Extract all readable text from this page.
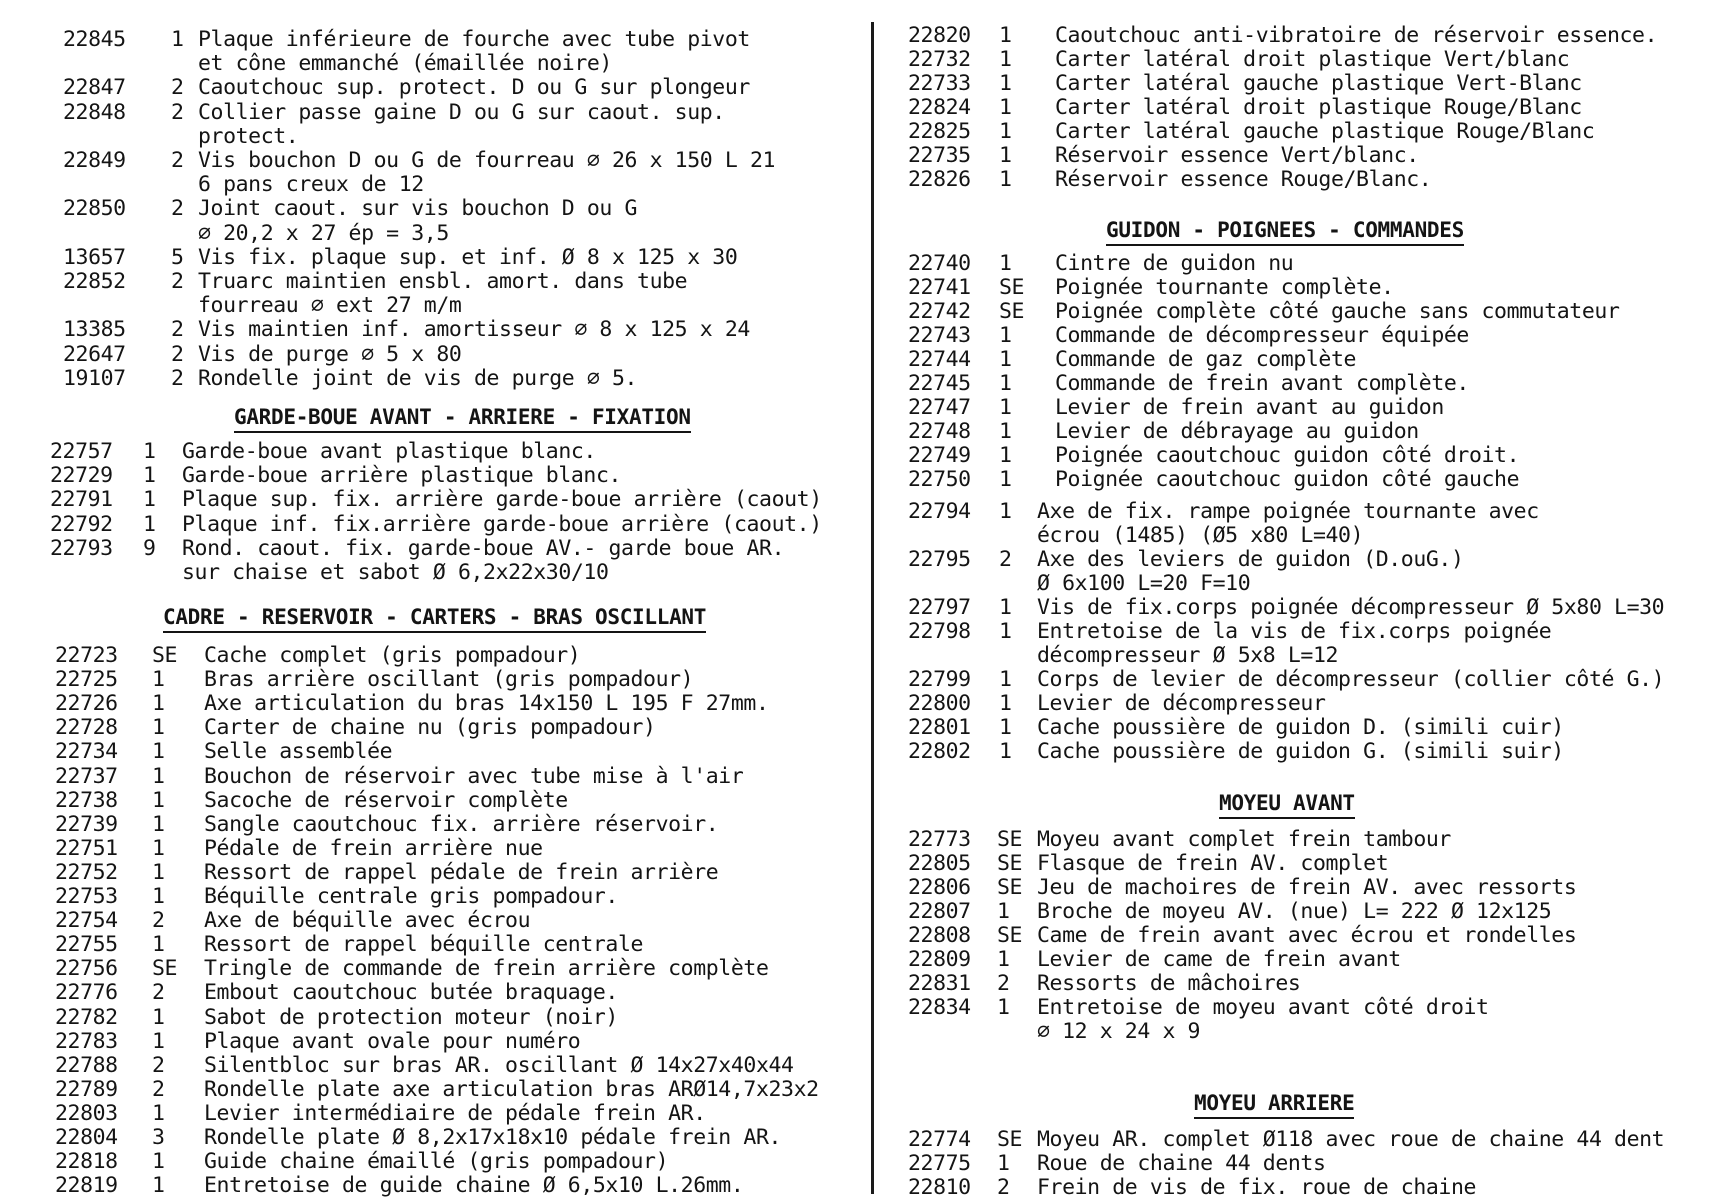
22845 1 Plaque inférieure de fourche avec tube pivot
et cône emmanché (émaillée noire)
22847 2 Caoutchouc sup. protect. D ou G sur plongeur
22848 2 Collier passe gaine D ou G sur caout. sup.
protect.
22849 2 Vis bouchon D ou G de fourreau ∅ 26 x 150 L 21
6 pans creux de 12
22850 2 Joint caout. sur vis bouchon D ou G
∅ 20,2 x 27 ép = 3,5
13657 5 Vis fix. plaque sup. et inf. Ø 8 x 125 x 30
22852 2 Truarc maintien ensbl. amort. dans tube
fourreau ∅ ext 27 m/m
13385 2 Vis maintien inf. amortisseur ∅ 8 x 125 x 24
22647 2 Vis de purge ∅ 5 x 80
19107 2 Rondelle joint de vis de purge ∅ 5.
GARDE-BOUE AVANT - ARRIERE - FIXATION
22757 1 Garde-boue avant plastique blanc.
22729 1 Garde-boue arrière plastique blanc.
22791 1 Plaque sup. fix. arrière garde-boue arrière (caout)
22792 1 Plaque inf. fix.arrière garde-boue arrière (caout.)
22793 9 Rond. caout. fix. garde-boue AV.- garde boue AR.
sur chaise et sabot Ø 6,2x22x30/10
CADRE - RESERVOIR - CARTERS - BRAS OSCILLANT
22723 SE Cache complet (gris pompadour)
22725 1 Bras arrière oscillant (gris pompadour)
22726 1 Axe articulation du bras 14x150 L 195 F 27mm.
22728 1 Carter de chaine nu (gris pompadour)
22734 1 Selle assemblée
22737 1 Bouchon de réservoir avec tube mise à l'air
22738 1 Sacoche de réservoir complète
22739 1 Sangle caoutchouc fix. arrière réservoir.
22751 1 Pédale de frein arrière nue
22752 1 Ressort de rappel pédale de frein arrière
22753 1 Béquille centrale gris pompadour.
22754 2 Axe de béquille avec écrou
22755 1 Ressort de rappel béquille centrale
22756 SE Tringle de commande de frein arrière complète
22776 2 Embout caoutchouc butée braquage.
22782 1 Sabot de protection moteur (noir)
22783 1 Plaque avant ovale pour numéro
22788 2 Silentbloc sur bras AR. oscillant Ø 14x27x40x44
22789 2 Rondelle plate axe articulation bras ARØ14,7x23x2
22803 1 Levier intermédiaire de pédale frein AR.
22804 3 Rondelle plate Ø 8,2x17x18x10 pédale frein AR.
22818 1 Guide chaine émaillé (gris pompadour)
22819 1 Entretoise de guide chaine Ø 6,5x10 L.26mm.
22820 1 Caoutchouc anti-vibratoire de réservoir essence.
22732 1 Carter latéral droit plastique Vert/blanc
22733 1 Carter latéral gauche plastique Vert-Blanc
22824 1 Carter latéral droit plastique Rouge/Blanc
22825 1 Carter latéral gauche plastique Rouge/Blanc
22735 1 Réservoir essence Vert/blanc.
22826 1 Réservoir essence Rouge/Blanc.
GUIDON - POIGNEES - COMMANDES
22740 1 Cintre de guidon nu
22741 SE Poignée tournante complète.
22742 SE Poignée complète côté gauche sans commutateur
22743 1 Commande de décompresseur équipée
22744 1 Commande de gaz complète
22745 1 Commande de frein avant complète.
22747 1 Levier de frein avant au guidon
22748 1 Levier de débrayage au guidon
22749 1 Poignée caoutchouc guidon côté droit.
22750 1 Poignée caoutchouc guidon côté gauche
22794 1 Axe de fix. rampe poignée tournante avec
écrou (1485) (Ø5 x80 L=40)
22795 2 Axe des leviers de guidon (D.ouG.)
Ø 6x100 L=20 F=10
22797 1 Vis de fix.corps poignée décompresseur Ø 5x80 L=30
22798 1 Entretoise de la vis de fix.corps poignée
décompresseur Ø 5x8 L=12
22799 1 Corps de levier de décompresseur (collier côté G.)
22800 1 Levier de décompresseur
22801 1 Cache poussière de guidon D. (simili cuir)
22802 1 Cache poussière de guidon G. (simili suir)
MOYEU AVANT
22773 SE Moyeu avant complet frein tambour
22805 SE Flasque de frein AV. complet
22806 SE Jeu de machoires de frein AV. avec ressorts
22807 1 Broche de moyeu AV. (nue) L= 222 Ø 12x125
22808 SE Came de frein avant avec écrou et rondelles
22809 1 Levier de came de frein avant
22831 2 Ressorts de mâchoires
22834 1 Entretoise de moyeu avant côté droit
∅ 12 x 24 x 9
MOYEU ARRIERE
22774 SE Moyeu AR. complet Ø118 avec roue de chaine 44 dent
22775 1 Roue de chaine 44 dents
22810 2 Frein de vis de fix. roue de chaine
